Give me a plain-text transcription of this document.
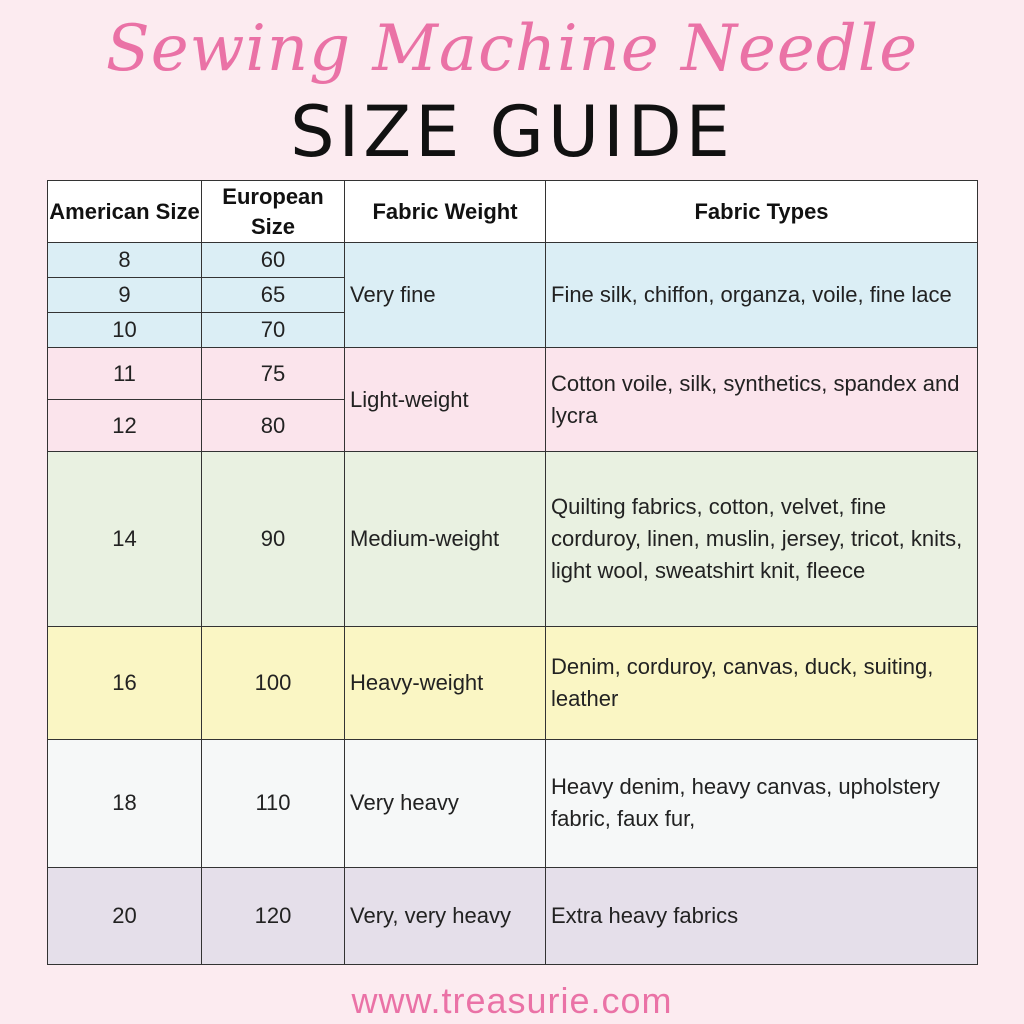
Sewing Machine Needle
SIZE GUIDE
American Size	European Size	Fabric Weight	Fabric Types
8	60	Very fine	Fine silk, chiffon, organza, voile, fine lace
9	65		
10	70		
11	75	Light-weight	Cotton voile, silk, synthetics, spandex and lycra
12	80		
14	90	Medium-weight	Quilting fabrics, cotton, velvet, fine corduroy, linen, muslin, jersey, tricot, knits, light wool, sweatshirt knit, fleece
16	100	Heavy-weight	Denim, corduroy, canvas, duck, suiting, leather
18	110	Very heavy	Heavy denim, heavy canvas, upholstery fabric, faux fur,
20	120	Very, very heavy	Extra heavy fabrics
www.treasurie.com
